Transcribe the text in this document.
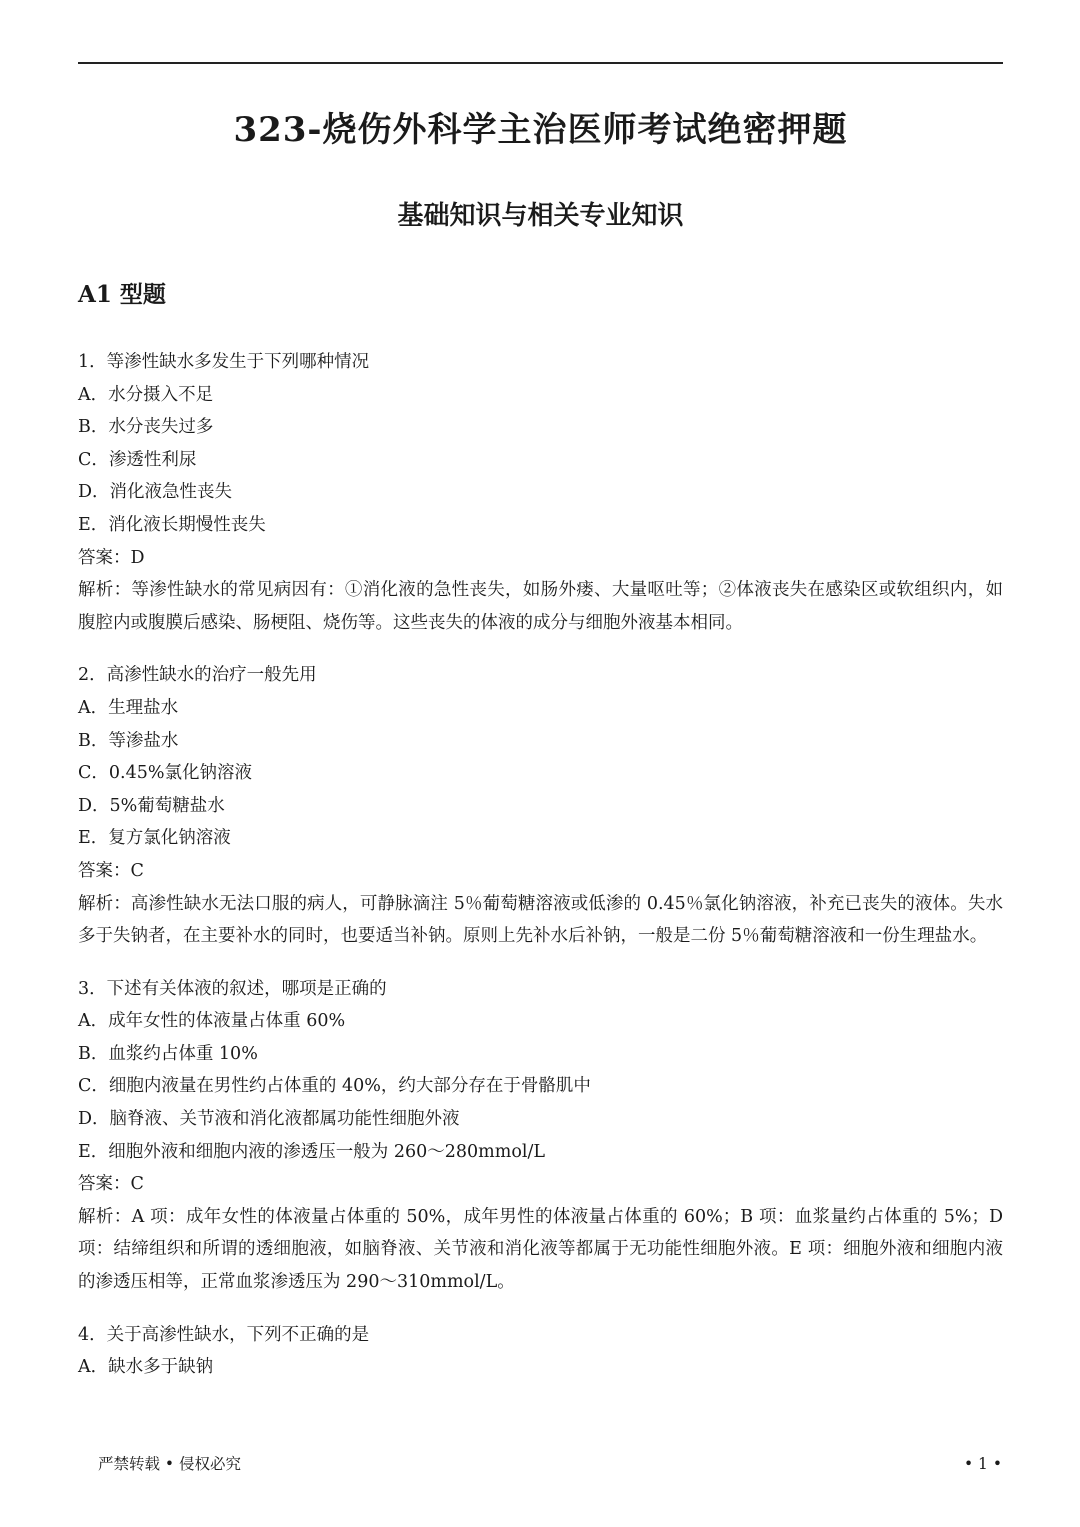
323-烧伤外科学主治医师考试绝密押题
基础知识与相关专业知识
A1 型题
1．等渗性缺水多发生于下列哪种情况
A．水分摄入不足
B．水分丧失过多
C．渗透性利尿
D．消化液急性丧失
E．消化液长期慢性丧失
答案：D
解析：等渗性缺水的常见病因有：①消化液的急性丧失，如肠外瘘、大量呕吐等；②体液丧失在感染区或软组织内，如腹腔内或腹膜后感染、肠梗阻、烧伤等。这些丧失的体液的成分与细胞外液基本相同。
2．高渗性缺水的治疗一般先用
A．生理盐水
B．等渗盐水
C．0.45%氯化钠溶液
D．5%葡萄糖盐水
E．复方氯化钠溶液
答案：C
解析：高渗性缺水无法口服的病人，可静脉滴注 5％葡萄糖溶液或低渗的 0.45％氯化钠溶液，补充已丧失的液体。失水多于失钠者，在主要补水的同时，也要适当补钠。原则上先补水后补钠，一般是二份 5％葡萄糖溶液和一份生理盐水。
3．下述有关体液的叙述，哪项是正确的
A．成年女性的体液量占体重 60%
B．血浆约占体重 10%
C．细胞内液量在男性约占体重的 40%，约大部分存在于骨骼肌中
D．脑脊液、关节液和消化液都属功能性细胞外液
E．细胞外液和细胞内液的渗透压一般为 260～280mmol/L
答案：C
解析：A 项：成年女性的体液量占体重的 50%，成年男性的体液量占体重的 60%；B 项：血浆量约占体重的 5%；D 项：结缔组织和所谓的透细胞液，如脑脊液、关节液和消化液等都属于无功能性细胞外液。E 项：细胞外液和细胞内液的渗透压相等，正常血浆渗透压为 290～310mmol/L。
4．关于高渗性缺水，下列不正确的是
A．缺水多于缺钠
严禁转载 • 侵权必究	• 1 •
